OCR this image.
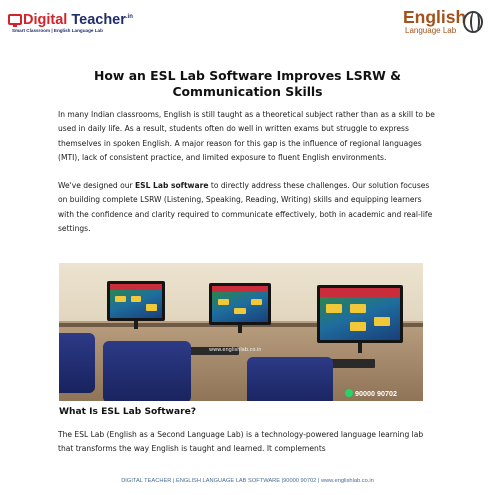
Digital Teacher$^{.in}$
Smart Classroom | English Language Lab
English
Language Lab
How an ESL Lab Software Improves LSRW & Communication Skills
In many Indian classrooms, English is still taught as a theoretical subject rather than as a skill to be used in daily life. As a result, students often do well in written exams but struggle to express themselves in spoken English. A major reason for this gap is the influence of regional languages (MTI), lack of consistent practice, and limited exposure to fluent English environments.
We've designed our ESL Lab software to directly address these challenges. Our solution focuses on building complete LSRW (Listening, Speaking, Reading, Writing) skills and equipping learners with the confidence and clarity required to communicate effectively, both in academic and real-life settings.
www.englishlab.co.in
90000 90702
What Is ESL Lab Software?
The ESL Lab (English as a Second Language Lab) is a technology-powered language learning lab that transforms the way English is taught and learned. It complements
DIGITAL TEACHER | ENGLISH LANGUAGE LAB SOFTWARE |90000 90702 | www.englishlab.co.in
